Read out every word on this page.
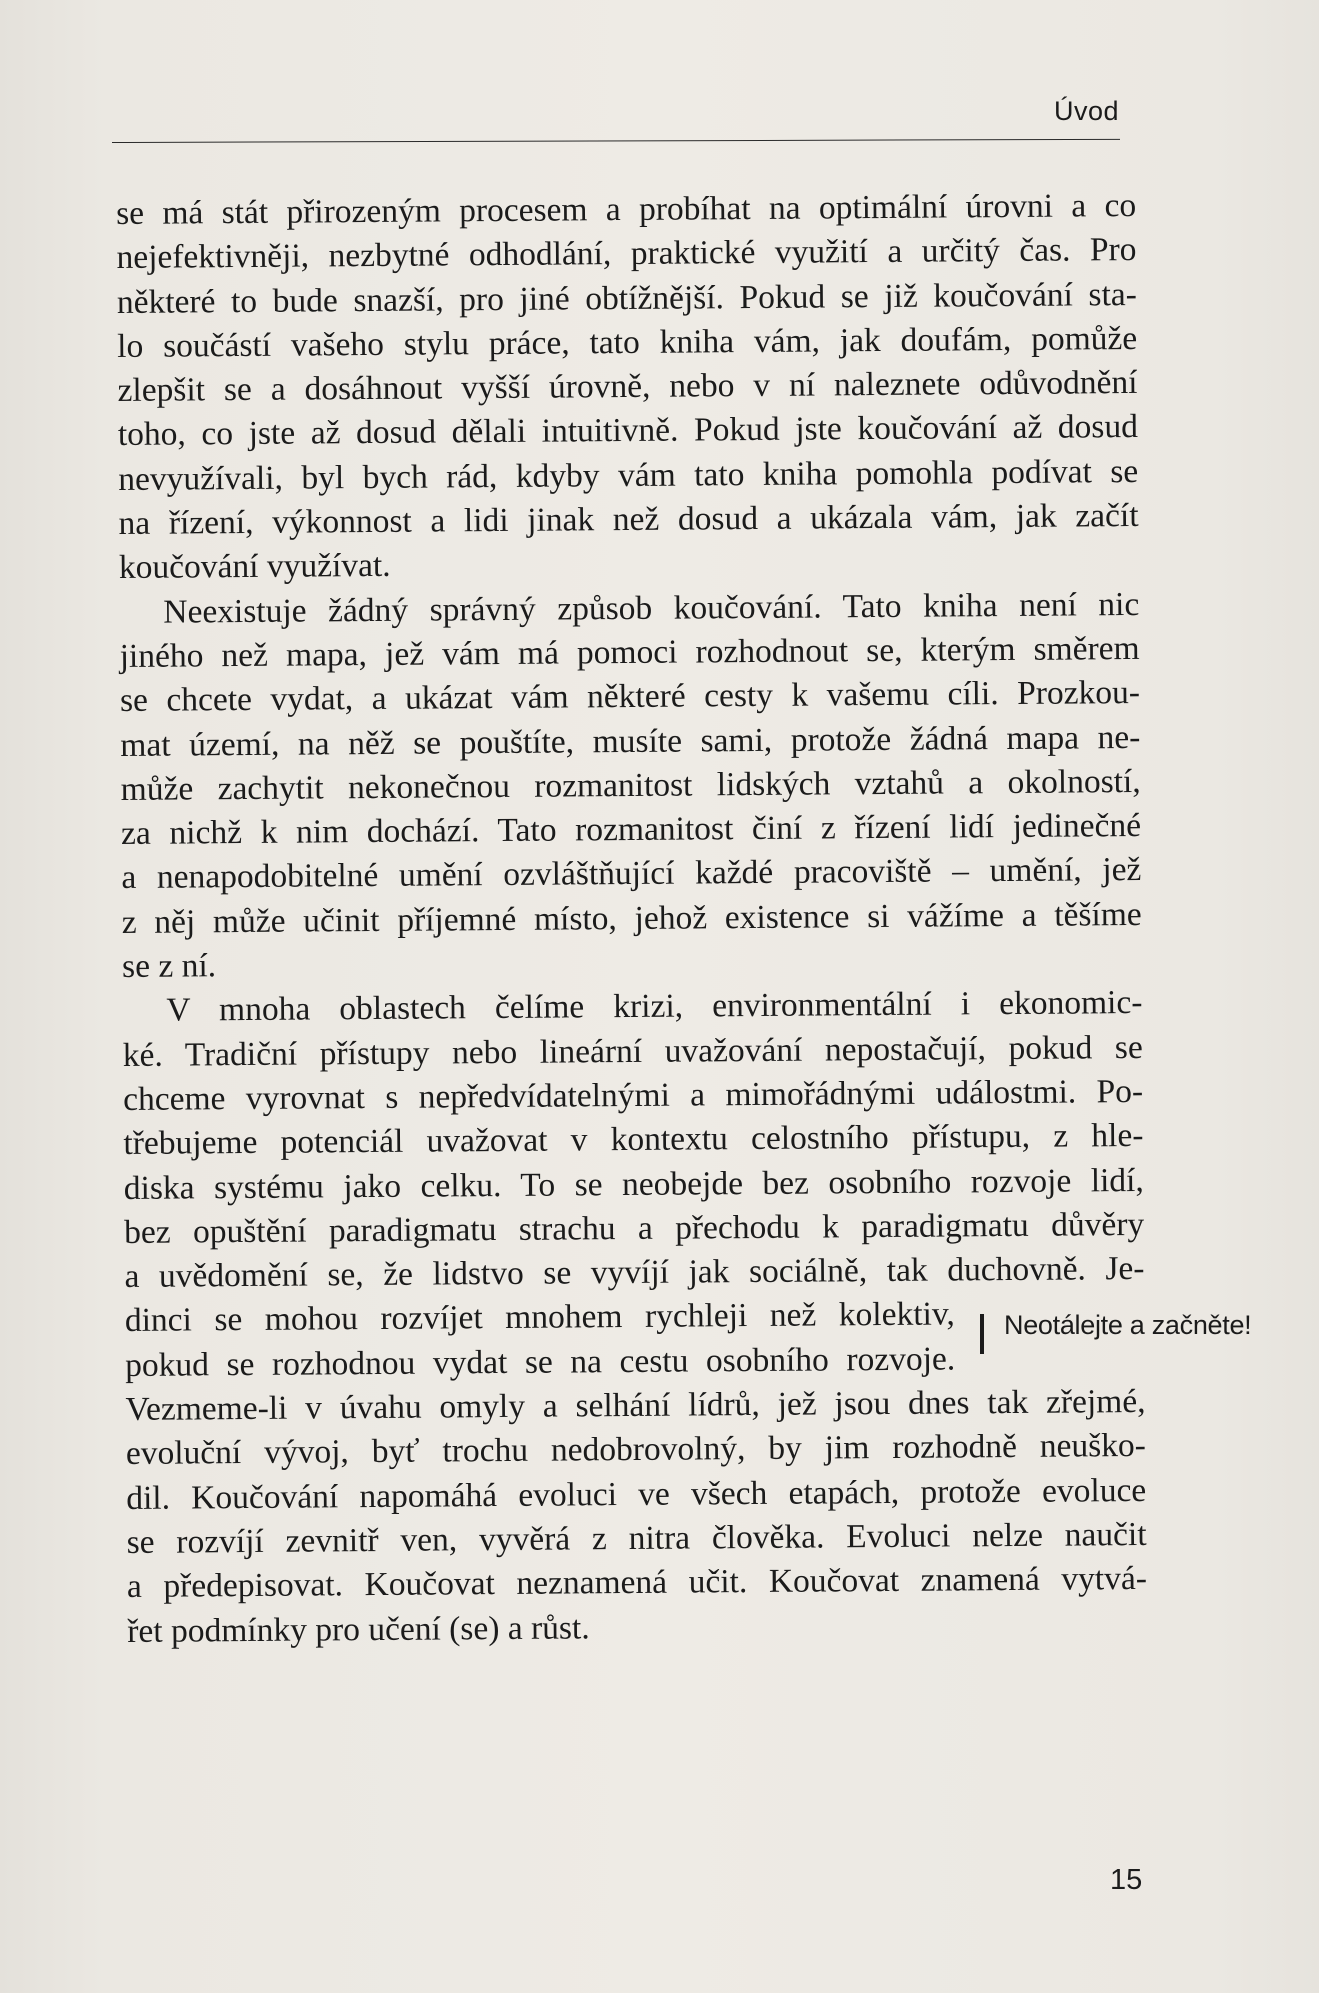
Úvod
se má stát přirozeným procesem a probíhat na optimální úrovni a co
nejefektivněji, nezbytné odhodlání, praktické využití a určitý čas. Pro
některé to bude snazší, pro jiné obtížnější. Pokud se již koučování sta-
lo součástí vašeho stylu práce, tato kniha vám, jak doufám, pomůže
zlepšit se a dosáhnout vyšší úrovně, nebo v ní naleznete odůvodnění
toho, co jste až dosud dělali intuitivně. Pokud jste koučování až dosud
nevyužívali, byl bych rád, kdyby vám tato kniha pomohla podívat se
na řízení, výkonnost a lidi jinak než dosud a ukázala vám, jak začít
koučování využívat.
Neexistuje žádný správný způsob koučování. Tato kniha není nic
jiného než mapa, jež vám má pomoci rozhodnout se, kterým směrem
se chcete vydat, a ukázat vám některé cesty k vašemu cíli. Prozkou-
mat území, na něž se pouštíte, musíte sami, protože žádná mapa ne-
může zachytit nekonečnou rozmanitost lidských vztahů a okolností,
za nichž k nim dochází. Tato rozmanitost činí z řízení lidí jedinečné
a nenapodobitelné umění ozvláštňující každé pracoviště – umění, jež
z něj může učinit příjemné místo, jehož existence si vážíme a těšíme
se z ní.
V mnoha oblastech čelíme krizi, environmentální i ekonomic-
ké. Tradiční přístupy nebo lineární uvažování nepostačují, pokud se
chceme vyrovnat s nepředvídatelnými a mimořádnými událostmi. Po-
třebujeme potenciál uvažovat v kontextu celostního přístupu, z hle-
diska systému jako celku. To se neobejde bez osobního rozvoje lidí,
bez opuštění paradigmatu strachu a přechodu k paradigmatu důvěry
a uvědomění se, že lidstvo se vyvíjí jak sociálně, tak duchovně. Je-
dinci se mohou rozvíjet mnohem rychleji než kolektiv,
pokud se rozhodnou vydat se na cestu osobního rozvoje.
Vezmeme-li v úvahu omyly a selhání lídrů, jež jsou dnes tak zřejmé,
evoluční vývoj, byť trochu nedobrovolný, by jim rozhodně neuško-
dil. Koučování napomáhá evoluci ve všech etapách, protože evoluce
se rozvíjí zevnitř ven, vyvěrá z nitra člověka. Evoluci nelze naučit
a předepisovat. Koučovat neznamená učit. Koučovat znamená vytvá-
řet podmínky pro učení (se) a růst.
Neotálejte a začněte!
15
